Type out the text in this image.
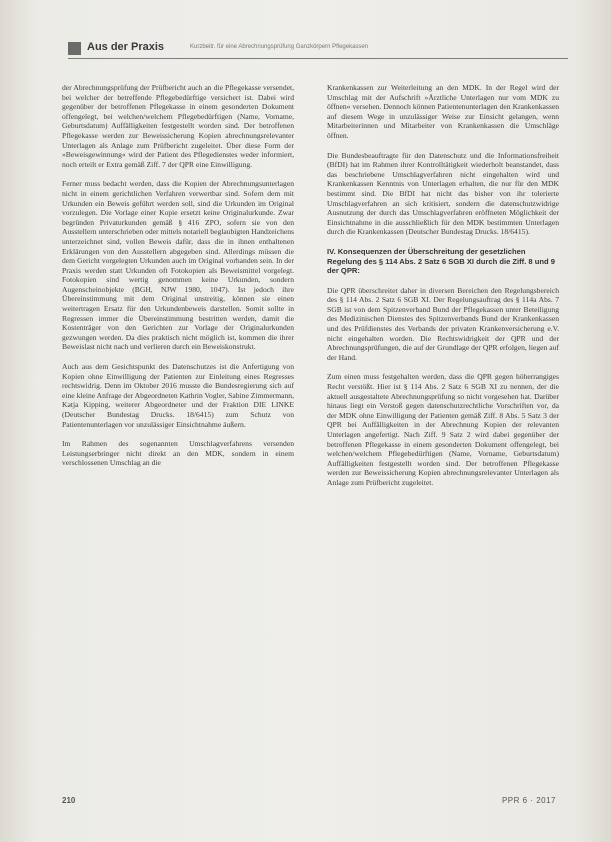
Aus der Praxis	Kurzbeitr. für eine Abrechnungsprüfung Ganzkörpern Pflegekassen

der Abrechnungsprüfung der Prüfbericht auch an die Pflegekasse versendet, bei welcher der betreffende Pflegebedürftige versichert ist. Dabei wird gegenüber der betroffenen Pflegekasse in einem gesonderten Dokument offengelegt, bei welchen/welchem Pflegebedürftigen (Name, Vorname, Geburtsdatum) Auffälligkeiten festgestellt worden sind. Der betroffenen Pflegekasse werden zur Beweissicherung Kopien abrechnungsrelevanter Unterlagen als Anlage zum Prüfbericht zugeleitet. Über diese Form der »Beweisgewinnung« wird der Patient des Pflegedienstes weder informiert, noch erteilt er Extra gemäß Ziff. 7 der QPR eine Einwilligung.

Ferner muss bedacht werden, dass die Kopien der Abrechnungsunterlagen nicht in einem gerichtlichen Verfahren verwertbar sind. Sofern dem mit Urkunden ein Beweis geführt werden soll, sind die Urkunden im Original vorzulegen. Die Vorlage einer Kopie ersetzt keine Originalurkunde. Zwar begründen Privaturkunden gemäß § 416 ZPO, sofern sie von den Ausstellern unterschrieben oder mittels notariell beglaubigten Handzeichens unterzeichnet sind, vollen Beweis dafür, dass die in ihnen enthaltenen Erklärungen von den Ausstellern abgegeben sind. Allerdings müssen die dem Gericht vorgelegten Urkunden auch im Original vorhanden sein. In der Praxis werden statt Urkunden oft Fotokopien als Beweismittel vorgelegt. Fotokopien sind wertig genommen keine Urkunden, sondern Augenscheinobjekte (BGH, NJW 1980, 1047). Ist jedoch ihre Übereinstimmung mit dem Original unstreitig, können sie einen weitertragen Ersatz für den Urkundenbeweis darstellen. Somit sollte in Regressen immer die Übereinstimmung bestritten werden, damit die Kostenträger von den Gerichten zur Vorlage der Originalurkunden gezwungen werden. Da dies praktisch nicht möglich ist, kommen die ihrer Beweislast nicht nach und verlieren durch ein Beweiskonstrukt.

Auch aus dem Gesichtspunkt des Datenschutzes ist die Anfertigung von Kopien ohne Einwilligung der Patienten zur Einleitung eines Regresses rechtswidrig. Denn im Oktober 2016 musste die Bundesregierung sich auf eine kleine Anfrage der Abgeordneten Kathrin Vogler, Sabine Zimmermann, Katja Kipping, weiterer Abgeordneter und der Fraktion DIE LINKE (Deutscher Bundestag Drucks. 18/6415) zum Schutz von Patientenunterlagen vor unzulässiger Einsichtnahme äußern.

Im Rahmen des sogenannten Umschlagverfahrens versenden Leistungserbringer nicht direkt an den MDK, sondern in einem verschlossenen Umschlag an die

Krankenkassen zur Weiterleitung an den MDK. In der Regel wird der Umschlag mit der Aufschrift »Ärztliche Unterlagen nur vom MDK zu öffnen« versehen. Dennoch können Patientenunterlagen den Krankenkassen auf diesem Wege in unzulässiger Weise zur Einsicht gelangen, wenn Mitarbeiterinnen und Mitarbeiter von Krankenkassen die Umschläge öffnen.

Die Bundesbeauftragte für den Datenschutz und die Informationsfreiheit (BfDI) hat im Rahmen ihrer Kontrolltätigkeit wiederholt beanstandet, dass das beschriebene Umschlagverfahren nicht eingehalten wird und Krankenkassen Kenntnis von Unterlagen erhalten, die nur für den MDK bestimmt sind. Die BfDI hat nicht das bisher von ihr tolerierte Umschlagverfahren an sich kritisiert, sondern die datenschutzwidrige Ausnutzung der durch das Umschlagverfahren eröffneten Möglichkeit der Einsichtnahme in die ausschließlich für den MDK bestimmten Unterlagen durch die Krankenkassen (Deutscher Bundestag Drucks. 18/6415).

IV. Konsequenzen der Überschreitung der gesetzlichen Regelung des § 114 Abs. 2 Satz 6 SGB XI durch die Ziff. 8 und 9 der QPR:

Die QPR überschreitet daher in diversen Bereichen den Regelungsbereich des § 114 Abs. 2 Satz 6 SGB XI. Der Regelungsauftrag des § 114a Abs. 7 SGB ist von dem Spitzenverband Bund der Pflegekassen unter Beteiligung des Medizinischen Dienstes des Spitzenverbands Bund der Krankenkassen und des Prüfdienstes des Verbands der privaten Krankenversicherung e.V. nicht eingehalten worden. Die Rechtswidrigkeit der QPR und der Abrechnungsprüfungen, die auf der Grundlage der QPR erfolgen, liegen auf der Hand.

Zum einen muss festgehalten werden, dass die QPR gegen höherrangiges Recht verstößt. Hier ist § 114 Abs. 2 Satz 6 SGB XI zu nennen, der die aktuell ausgestaltete Abrechnungsprüfung so nicht vorgesehen hat. Darüber hinaus liegt ein Verstoß gegen datenschutzrechtliche Vorschriften vor, da der MDK ohne Einwilligung der Patienten gemäß Ziff. 8 Abs. 5 Satz 3 der QPR bei Auffälligkeiten in der Abrechnung Kopien der relevanten Unterlagen angefertigt. Nach Ziff. 9 Satz 2 wird dabei gegenüber der betroffenen Pflegekasse in einem gesonderten Dokument offengelegt, bei welchen/welchem Pflegebedürftigen (Name, Vorname, Geburtsdatum) Auffälligkeiten festgestellt worden sind. Der betroffenen Pflegekasse werden zur Beweissicherung Kopien abrechnungsrelevanter Unterlagen als Anlage zum Prüfbericht zugeleitet.

210	PPR 6 · 2017
